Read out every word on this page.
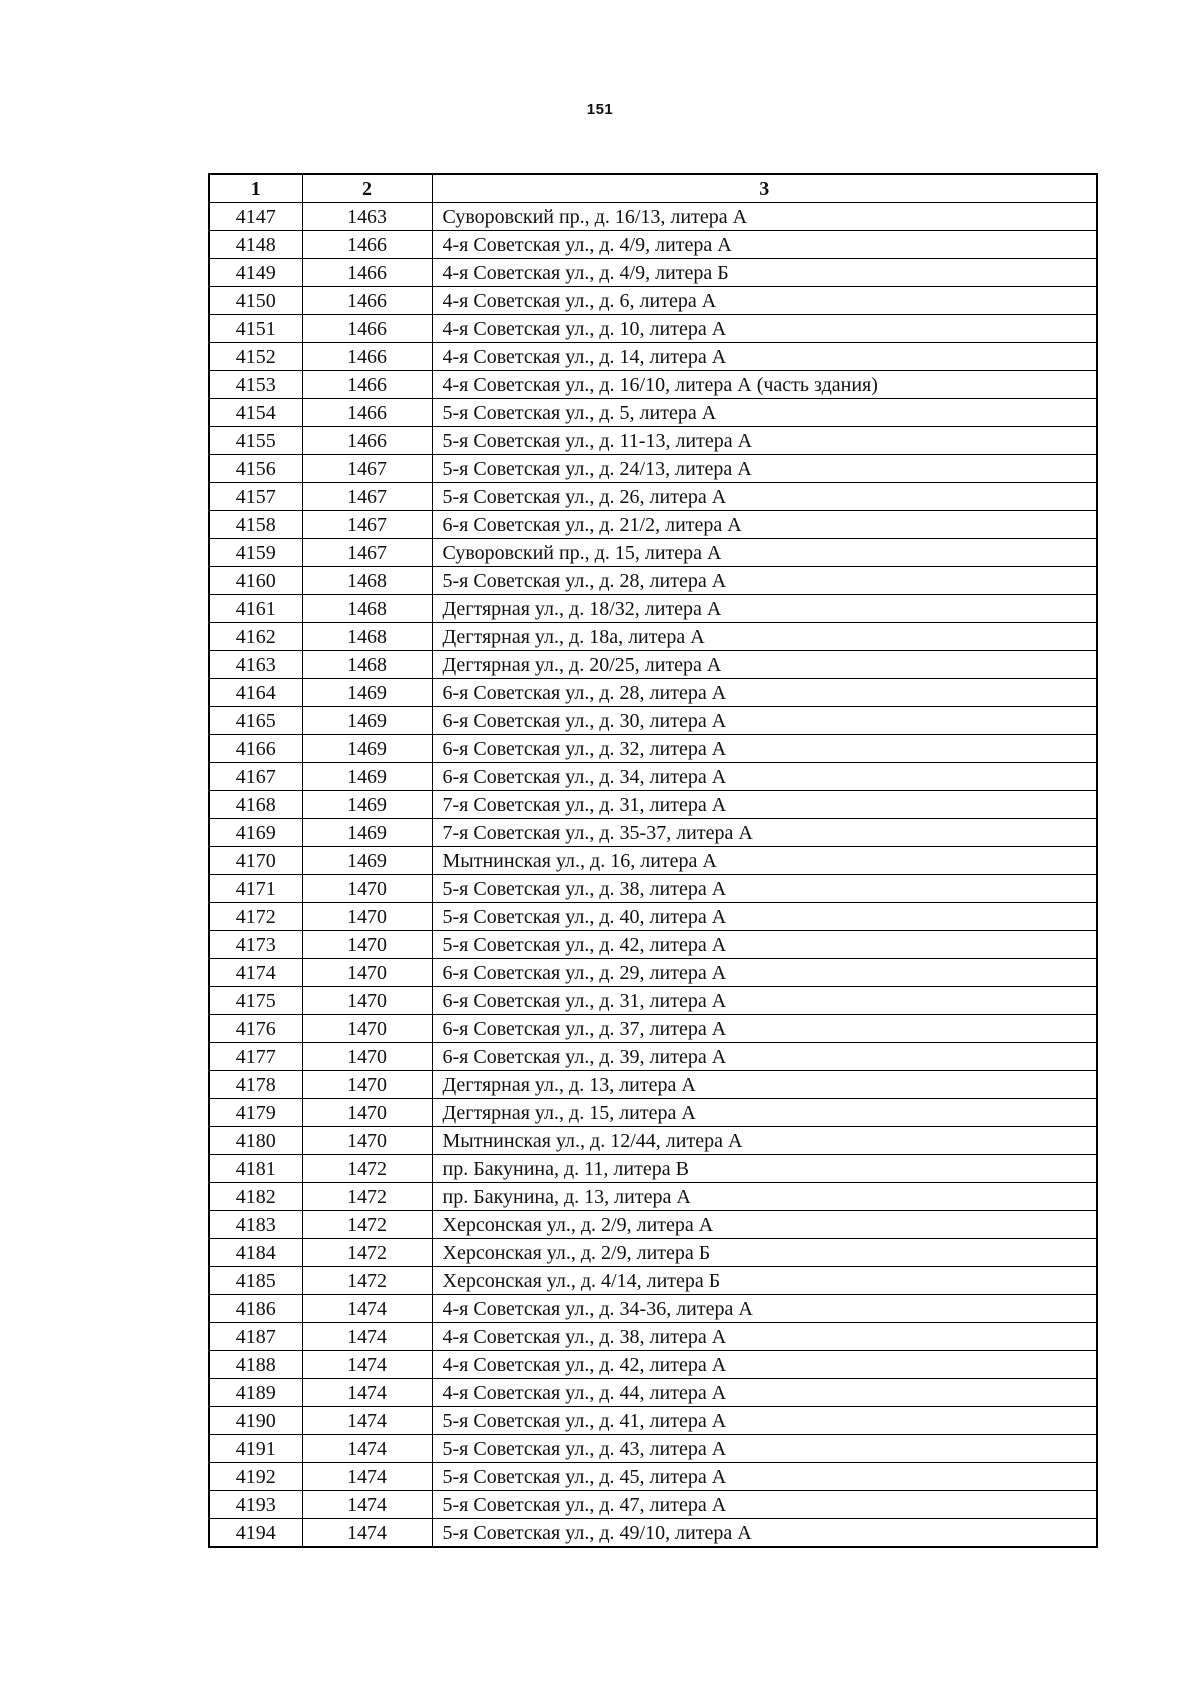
151
1	2	3
4147	1463	Суворовский пр., д. 16/13, литера А
4148	1466	4-я Советская ул., д. 4/9, литера А
4149	1466	4-я Советская ул., д. 4/9, литера Б
4150	1466	4-я Советская ул., д. 6, литера А
4151	1466	4-я Советская ул., д. 10, литера А
4152	1466	4-я Советская ул., д. 14, литера А
4153	1466	4-я Советская ул., д. 16/10, литера А (часть здания)
4154	1466	5-я Советская ул., д. 5, литера А
4155	1466	5-я Советская ул., д. 11-13, литера А
4156	1467	5-я Советская ул., д. 24/13, литера А
4157	1467	5-я Советская ул., д. 26, литера А
4158	1467	6-я Советская ул., д. 21/2, литера А
4159	1467	Суворовский пр., д. 15, литера А
4160	1468	5-я Советская ул., д. 28, литера А
4161	1468	Дегтярная ул., д. 18/32, литера А
4162	1468	Дегтярная ул., д. 18а, литера А
4163	1468	Дегтярная ул., д. 20/25, литера А
4164	1469	6-я Советская ул., д. 28, литера А
4165	1469	6-я Советская ул., д. 30, литера А
4166	1469	6-я Советская ул., д. 32, литера А
4167	1469	6-я Советская ул., д. 34, литера А
4168	1469	7-я Советская ул., д. 31, литера А
4169	1469	7-я Советская ул., д. 35-37, литера А
4170	1469	Мытнинская ул., д. 16, литера А
4171	1470	5-я Советская ул., д. 38, литера А
4172	1470	5-я Советская ул., д. 40, литера А
4173	1470	5-я Советская ул., д. 42, литера А
4174	1470	6-я Советская ул., д. 29, литера А
4175	1470	6-я Советская ул., д. 31, литера А
4176	1470	6-я Советская ул., д. 37, литера А
4177	1470	6-я Советская ул., д. 39, литера А
4178	1470	Дегтярная ул., д. 13, литера А
4179	1470	Дегтярная ул., д. 15, литера А
4180	1470	Мытнинская ул., д. 12/44, литера А
4181	1472	пр. Бакунина, д. 11, литера В
4182	1472	пр. Бакунина, д. 13, литера А
4183	1472	Херсонская ул., д. 2/9, литера А
4184	1472	Херсонская ул., д. 2/9, литера Б
4185	1472	Херсонская ул., д. 4/14, литера Б
4186	1474	4-я Советская ул., д. 34-36, литера А
4187	1474	4-я Советская ул., д. 38, литера А
4188	1474	4-я Советская ул., д. 42, литера А
4189	1474	4-я Советская ул., д. 44, литера А
4190	1474	5-я Советская ул., д. 41, литера А
4191	1474	5-я Советская ул., д. 43, литера А
4192	1474	5-я Советская ул., д. 45, литера А
4193	1474	5-я Советская ул., д. 47, литера А
4194	1474	5-я Советская ул., д. 49/10, литера А
